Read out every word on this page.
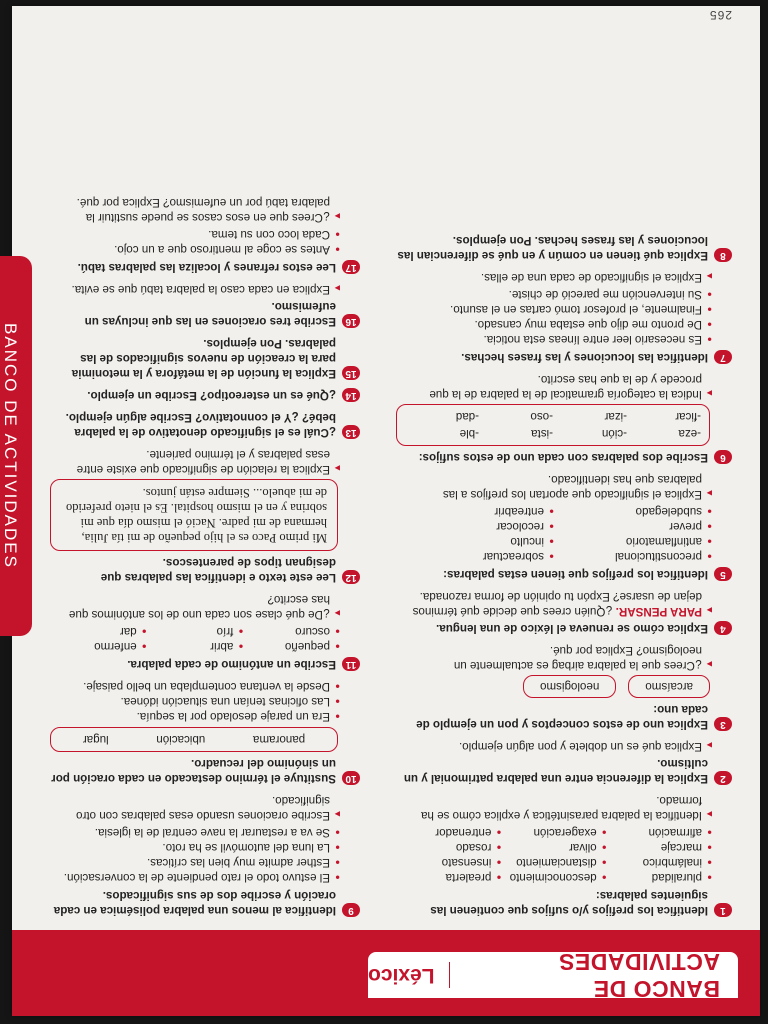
BANCO DE ACTIVIDADES
Léxico
BANCO DE ACTIVIDADES
1
Identifica los prefijos y/o sufijos que contienen las siguientes palabras:
● pluralidad
● desconocimiento
● prealerta
● inalámbrico
● distanciamiento
● insensato
● marcaje
● olivar
● rosado
● afirmación
● exageración
● entrenador
▶ Identifica la palabra parasintética y explica cómo se ha formado.
2
Explica la diferencia entre una palabra patrimonial y un cultismo.
▶ Explica qué es un doblete y pon algún ejemplo.
3
Explica uno de estos conceptos y pon un ejemplo de cada uno:
arcaísmo
neologismo
▶ ¿Crees que la palabra airbag es actualmente un neologismo? Explica por qué.
4
Explica cómo se renueva el léxico de una lengua.
▶ PARA PENSAR. ¿Quién crees que decide qué términos dejan de usarse? Expón tu opinión de forma razonada.
5
Identifica los prefijos que tienen estas palabras:
● preconstitucional
● sobreactuar
● antinflamatorio
● inculto
● prever
● recolocar
● subdelegado
● entreabrir
▶ Explica el significado que aportan los prefijos a las palabras que has identificado.
6
Escribe dos palabras con cada uno de estos sufijos:
-eza
-ción
-ista
-ble
-ficar
-izar
-oso
-dad
▶ Indica la categoría gramatical de la palabra de la que procede y de la que has escrito.
7
Identifica las locuciones y las frases hechas.
● Es necesario leer entre líneas esta noticia.
● De pronto me dijo que estaba muy cansado.
● Finalmente, el profesor tomó cartas en el asunto.
● Su intervención me pareció de chiste.
▶ Explica el significado de cada una de ellas.
8
Explica qué tienen en común y en qué se diferencian las locuciones y las frases hechas. Pon ejemplos.
9
Identifica al menos una palabra polisémica en cada oración y escribe dos de sus significados.
● El estuvo todo el rato pendiente de la conversación.
● Esther admite muy bien las críticas.
● La luna del automóvil se ha roto.
● Se va a restaurar la nave central de la iglesia.
▶ Escribe oraciones usando esas palabras con otro significado.
10
Sustituye el término destacado en cada oración por un sinónimo del recuadro.
panorama
ubicación
lugar
● Era un paraje desolado por la sequía.
● Las oficinas tenían una situación idónea.
● Desde la ventana contemplaba un bello paisaje.
11
Escribe un antónimo de cada palabra.
● pequeño
● abrir
● enfermo
● oscuro
● frío
● dar
▶ ¿De qué clase son cada uno de los antónimos que has escrito?
12
Lee este texto e identifica las palabras que designan tipos de parentescos.
Mi primo Paco es el hijo pequeño de mi tía Julia, hermana de mi padre. Nació el mismo día que mi sobrina y en el mismo hospital. Es el nieto preferido de mi abuelo... Siempre están juntos.
▶ Explica la relación de significado que existe entre esas palabras y el término pariente.
13
¿Cuál es el significado denotativo de la palabra bebé? ¿Y el connotativo? Escribe algún ejemplo.
14
¿Qué es un estereotipo? Escribe un ejemplo.
15
Explica la función de la metáfora y la metonimia para la creación de nuevos significados de las palabras. Pon ejemplos.
16
Escribe tres oraciones en las que incluyas un eufemismo.
▶ Explica en cada caso la palabra tabú que se evita.
17
Lee estos refranes y localiza las palabras tabú.
● Antes se coge al mentiroso que a un cojo.
● Cada loco con su tema.
▶ ¿Crees que en esos casos se puede sustituir la palabra tabú por un eufemismo? Explica por qué.
265
